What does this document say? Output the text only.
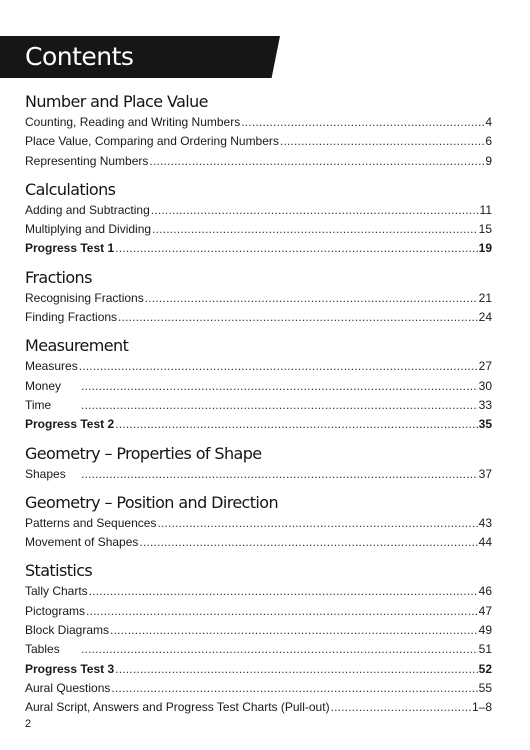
Contents
Number and Place Value
Counting, Reading and Writing Numbers .....	4
Place Value, Comparing and Ordering Numbers .....	6
Representing Numbers .....	9
Calculations
Adding and Subtracting .....	11
Multiplying and Dividing .....	15
Progress Test 1 .....	19
Fractions
Recognising Fractions .....	21
Finding Fractions .....	24
Measurement
Measures .....	27
Money .....	30
Time .....	33
Progress Test 2 .....	35
Geometry – Properties of Shape
Shapes .....	37
Geometry – Position and Direction
Patterns and Sequences .....	43
Movement of Shapes .....	44
Statistics
Tally Charts .....	46
Pictograms .....	47
Block Diagrams .....	49
Tables .....	51
Progress Test 3 .....	52
Aural Questions .....	55
Aural Script, Answers and Progress Test Charts (Pull-out) .....	1–8
2
